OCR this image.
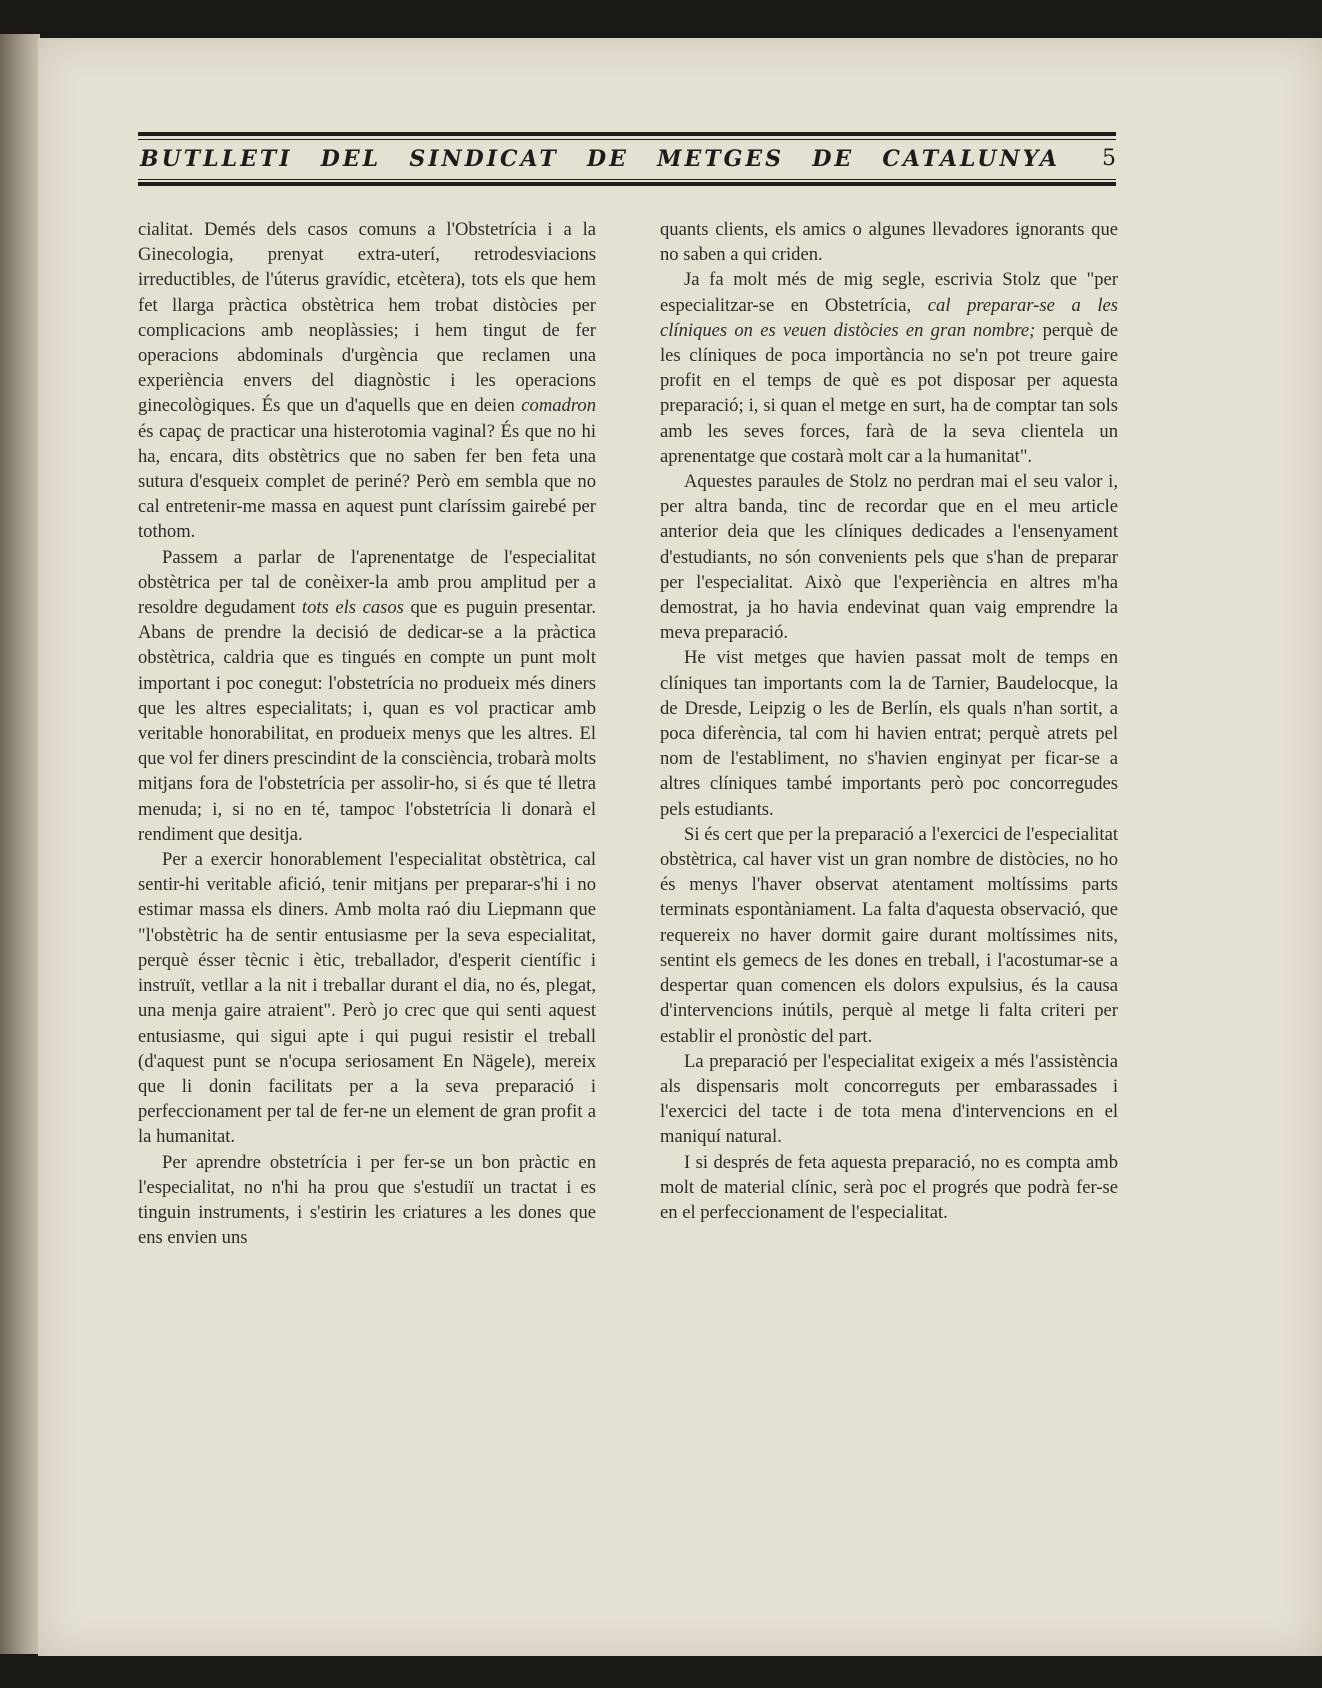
BUTLLETI DEL SINDICAT DE METGES DE CATALUNYA 5

cialitat. Demés dels casos comuns a l'Obstetrícia i a la Ginecologia, prenyat extra-uterí, retrodesviacions irreductibles, de l'úterus gravídic, etcètera), tots els que hem fet llarga pràctica obstètrica hem trobat distòcies per complicacions amb neoplàssies; i hem tingut de fer operacions abdominals d'urgència que reclamen una experiència envers del diagnòstic i les operacions ginecològiques. És que un d'aquells que en deien comadron és capaç de practicar una histerotomia vaginal? És que no hi ha, encara, dits obstètrics que no saben fer ben feta una sutura d'esqueix complet de periné? Però em sembla que no cal entretenir-me massa en aquest punt claríssim gairebé per tothom.

Passem a parlar de l'aprenentatge de l'especialitat obstètrica per tal de conèixer-la amb prou amplitud per a resoldre degudament tots els casos que es puguin presentar. Abans de prendre la decisió de dedicar-se a la pràctica obstètrica, caldria que es tingués en compte un punt molt important i poc conegut: l'obstetrícia no produeix més diners que les altres especialitats; i, quan es vol practicar amb veritable honorabilitat, en produeix menys que les altres. El que vol fer diners prescindint de la consciència, trobarà molts mitjans fora de l'obstetrícia per assolir-ho, si és que té lletra menuda; i, si no en té, tampoc l'obstetrícia li donarà el rendiment que desitja.

Per a exercir honorablement l'especialitat obstètrica, cal sentir-hi veritable afició, tenir mitjans per preparar-s'hi i no estimar massa els diners. Amb molta raó diu Liepmann que "l'obstètric ha de sentir entusiasme per la seva especialitat, perquè ésser tècnic i ètic, treballador, d'esperit científic i instruït, vetllar a la nit i treballar durant el dia, no és, plegat, una menja gaire atraient". Però jo crec que qui senti aquest entusiasme, qui sigui apte i qui pugui resistir el treball (d'aquest punt se n'ocupa seriosament En Nägele), mereix que li donin facilitats per a la seva preparació i perfeccionament per tal de fer-ne un element de gran profit a la humanitat.

Per aprendre obstetrícia i per fer-se un bon pràctic en l'especialitat, no n'hi ha prou que s'estudiï un tractat i es tinguin instruments, i s'estirin les criatures a les dones que ens envien uns

quants clients, els amics o algunes llevadores ignorants que no saben a qui criden.

Ja fa molt més de mig segle, escrivia Stolz que "per especialitzar-se en Obstetrícia, cal preparar-se a les clíniques on es veuen distòcies en gran nombre; perquè de les clíniques de poca importància no se'n pot treure gaire profit en el temps de què es pot disposar per aquesta preparació; i, si quan el metge en surt, ha de comptar tan sols amb les seves forces, farà de la seva clientela un aprenentatge que costarà molt car a la humanitat".

Aquestes paraules de Stolz no perdran mai el seu valor i, per altra banda, tinc de recordar que en el meu article anterior deia que les clíniques dedicades a l'ensenyament d'estudiants, no són convenients pels que s'han de preparar per l'especialitat. Això que l'experiència en altres m'ha demostrat, ja ho havia endevinat quan vaig emprendre la meva preparació.

He vist metges que havien passat molt de temps en clíniques tan importants com la de Tarnier, Baudelocque, la de Dresde, Leipzig o les de Berlín, els quals n'han sortit, a poca diferència, tal com hi havien entrat; perquè atrets pel nom de l'establiment, no s'havien enginyat per ficar-se a altres clíniques també importants però poc concorregudes pels estudiants.

Si és cert que per la preparació a l'exercici de l'especialitat obstètrica, cal haver vist un gran nombre de distòcies, no ho és menys l'haver observat atentament moltíssims parts terminats espontàniament. La falta d'aquesta observació, que requereix no haver dormit gaire durant moltíssimes nits, sentint els gemecs de les dones en treball, i l'acostumar-se a despertar quan comencen els dolors expulsius, és la causa d'intervencions inútils, perquè al metge li falta criteri per establir el pronòstic del part.

La preparació per l'especialitat exigeix a més l'assistència als dispensaris molt concorreguts per embarassades i l'exercici del tacte i de tota mena d'intervencions en el maniquí natural.

I si després de feta aquesta preparació, no es compta amb molt de material clínic, serà poc el progrés que podrà fer-se en el perfeccionament de l'especialitat.
